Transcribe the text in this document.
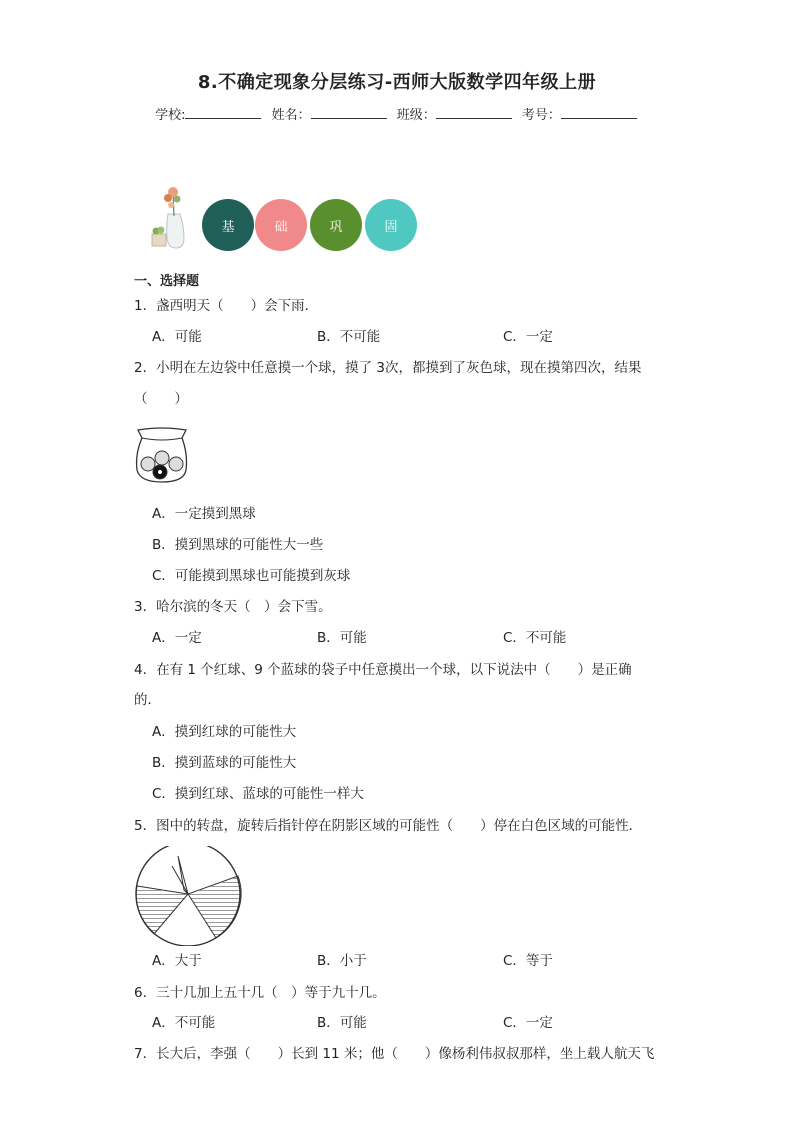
8.不确定现象分层练习-西师大版数学四年级上册
学校:	姓名：	班级：	考号：
基	础	巩	固
一、选择题
1．盏西明天（　　）会下雨．
A．可能	B．不可能	C．一定
2．小明在左边袋中任意摸一个球，摸了 3次，都摸到了灰色球，现在摸第四次，结果
（　　）
A．一定摸到黑球
B．摸到黑球的可能性大一些
C．可能摸到黑球也可能摸到灰球
3．哈尔滨的冬天（　）会下雪。
A．一定	B．可能	C．不可能
4．在有 1 个红球、9 个蓝球的袋子中任意摸出一个球，以下说法中（　　）是正确
的．
A．摸到红球的可能性大
B．摸到蓝球的可能性大
C．摸到红球、蓝球的可能性一样大
5．图中的转盘，旋转后指针停在阴影区域的可能性（　　）停在白色区域的可能性．
A．大于	B．小于	C．等于
6．三十几加上五十几（　）等于九十几。
A．不可能	B．可能	C．一定
7．长大后，李强（　　）长到 11 米；他（　　）像杨利伟叔叔那样，坐上载人航天飞
